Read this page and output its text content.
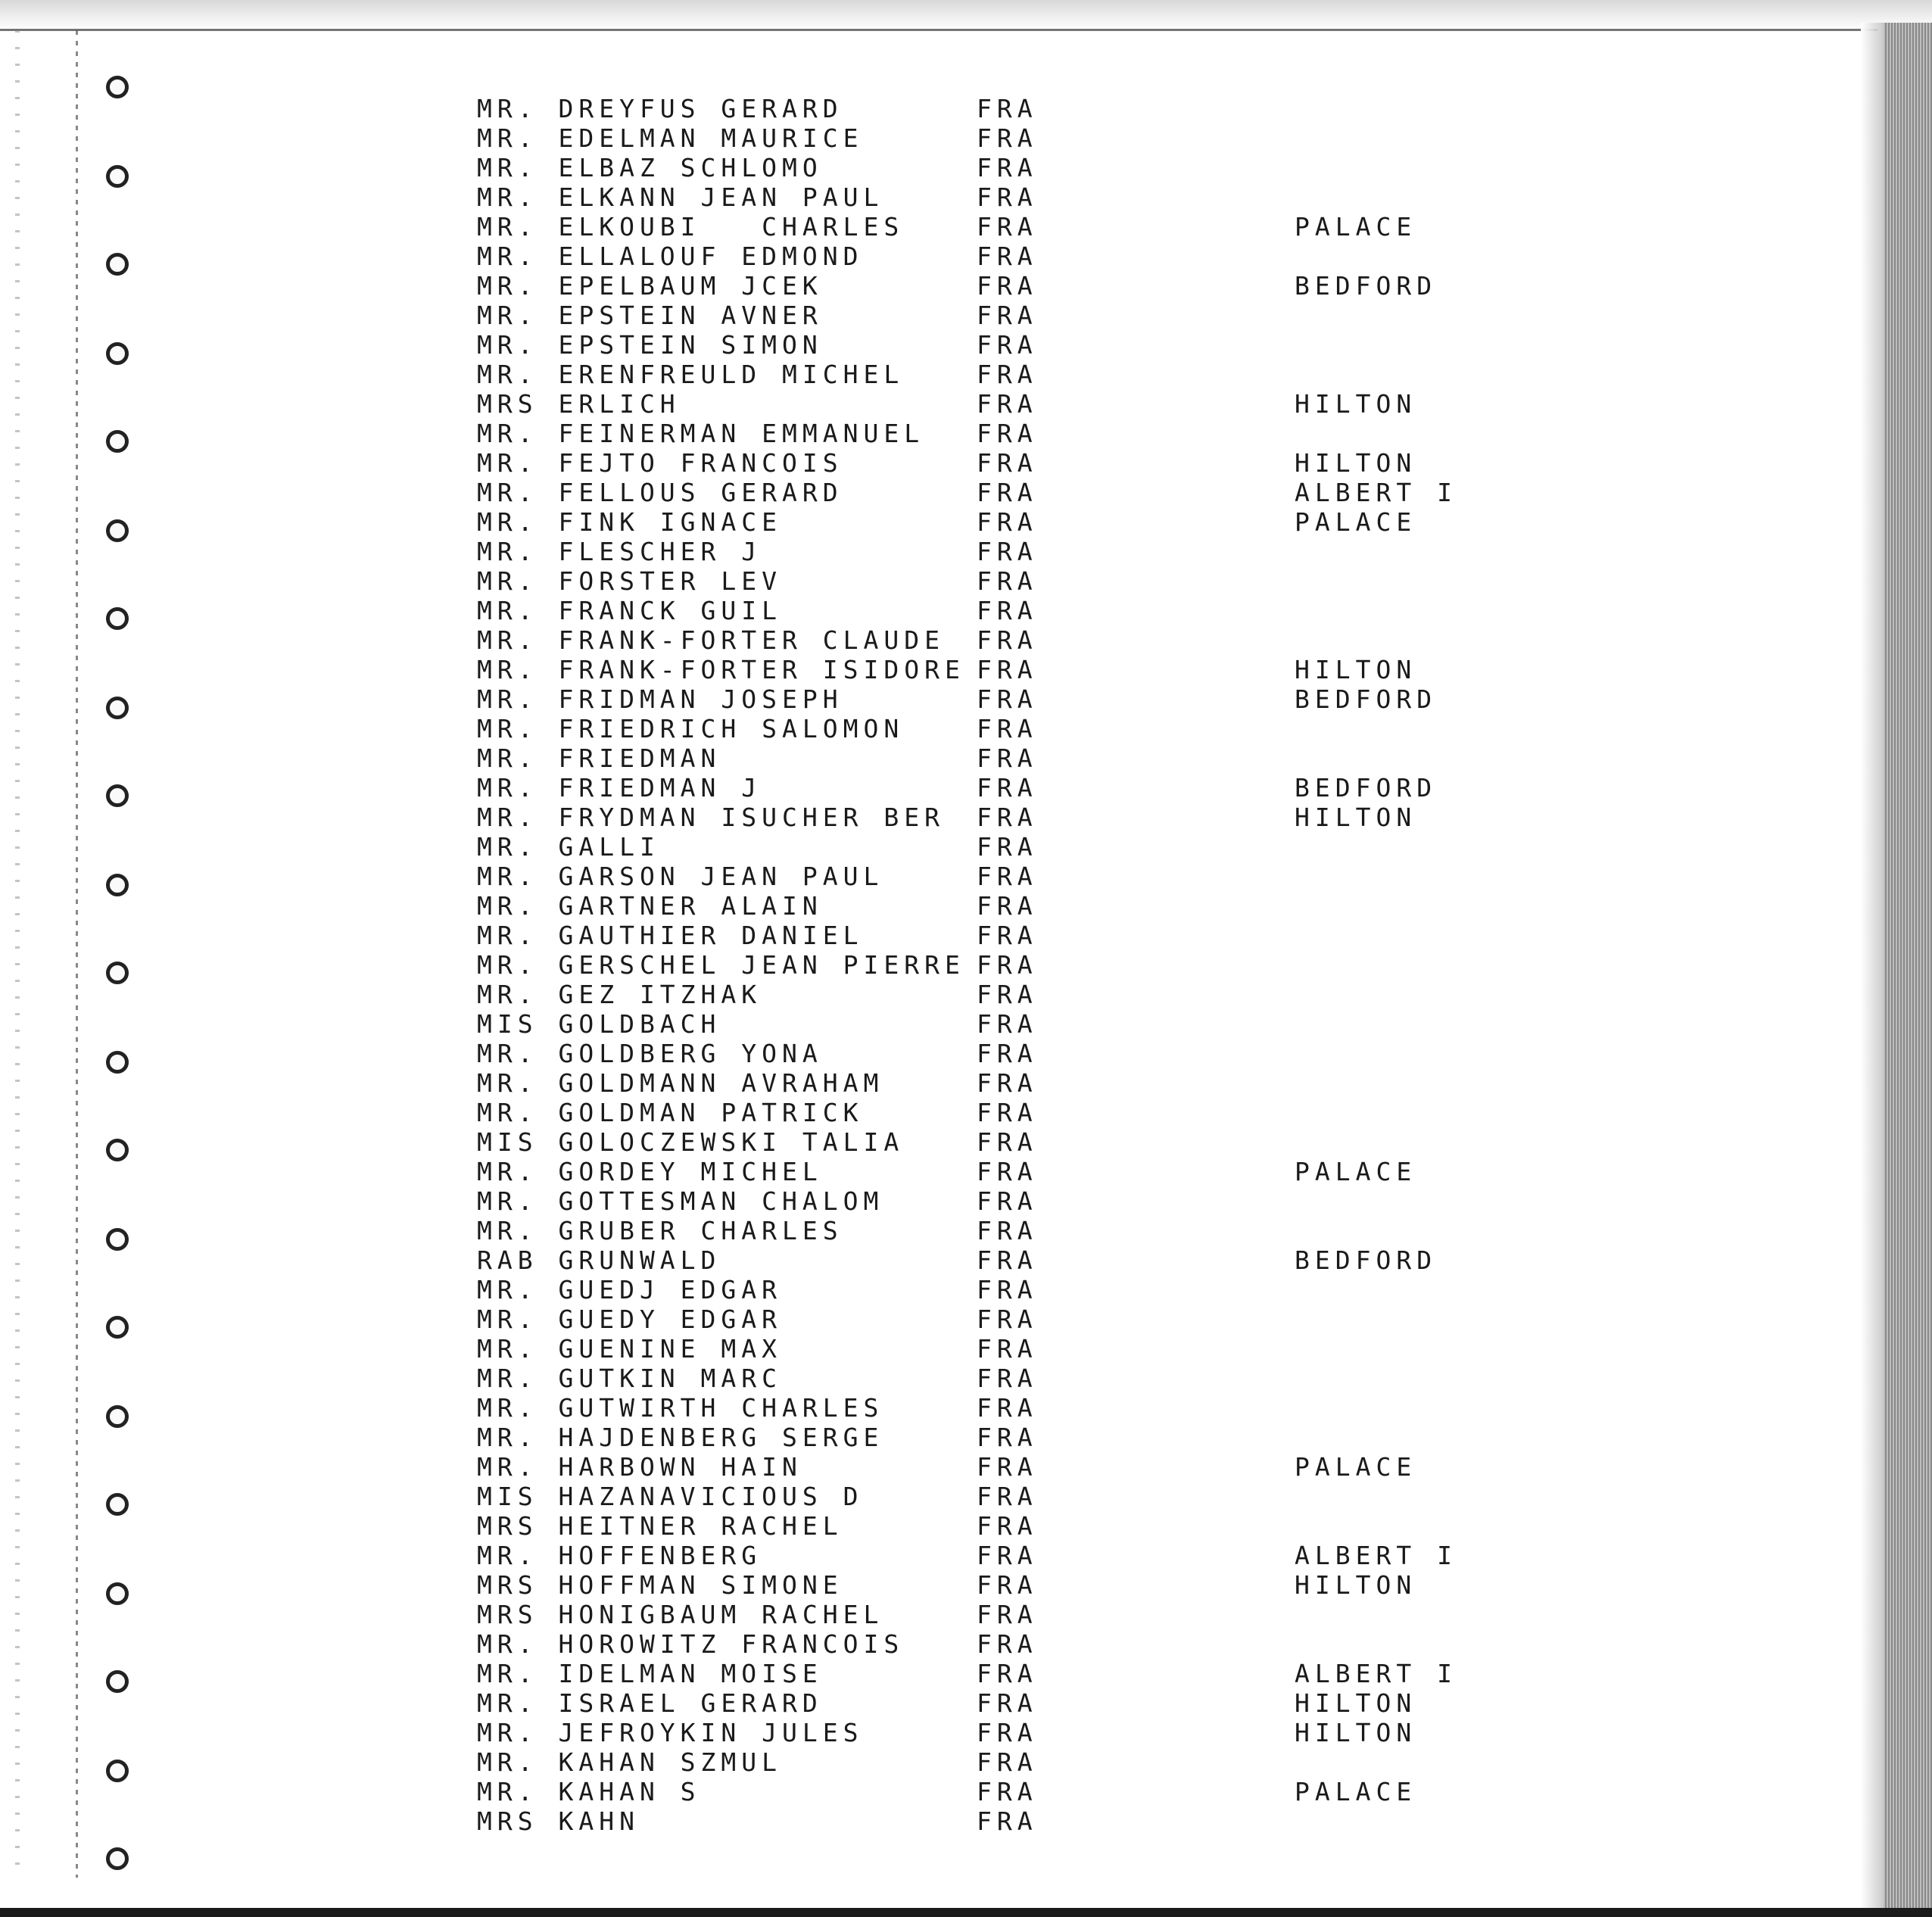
MR. DREYFUS GERARD	FRA
MR. EDELMAN MAURICE	FRA
MR. ELBAZ SCHLOMO	FRA
MR. ELKANN JEAN PAUL	FRA
MR. ELKOUBI   CHARLES	FRA	PALACE
MR. ELLALOUF EDMOND	FRA
MR. EPELBAUM JCEK	FRA	BEDFORD
MR. EPSTEIN AVNER	FRA
MR. EPSTEIN SIMON	FRA
MR. ERENFREULD MICHEL	FRA
MRS ERLICH	FRA	HILTON
MR. FEINERMAN EMMANUEL FRA
MR. FEJTO FRANCOIS	FRA	HILTON
MR. FELLOUS GERARD	FRA	ALBERT I
MR. FINK IGNACE	FRA	PALACE
MR. FLESCHER J	FRA
MR. FORSTER LEV	FRA
MR. FRANCK GUIL	FRA
MR. FRANK-FORTER CLAUDE FRA
MR. FRANK-FORTER ISIDORE FRA	HILTON
MR. FRIDMAN JOSEPH	FRA	BEDFORD
MR. FRIEDRICH SALOMON	FRA
MR. FRIEDMAN	FRA
MR. FRIEDMAN J	FRA	BEDFORD
MR. FRYDMAN ISUCHER BER FRA	HILTON
MR. GALLI	FRA
MR. GARSON JEAN PAUL	FRA
MR. GARTNER ALAIN	FRA
MR. GAUTHIER DANIEL	FRA
MR. GERSCHEL JEAN PIERRE FRA
MR. GEZ ITZHAK	FRA
MIS GOLDBACH	FRA
MR. GOLDBERG YONA	FRA
MR. GOLDMANN AVRAHAM	FRA
MR. GOLDMAN PATRICK	FRA
MIS GOLOCZEWSKI TALIA	FRA
MR. GORDEY MICHEL	FRA	PALACE
MR. GOTTESMAN CHALOM	FRA
MR. GRUBER CHARLES	FRA
RAB GRUNWALD	FRA	BEDFORD
MR. GUEDJ EDGAR	FRA
MR. GUEDY EDGAR	FRA
MR. GUENINE MAX	FRA
MR. GUTKIN MARC	FRA
MR. GUTWIRTH CHARLES	FRA
MR. HAJDENBERG SERGE	FRA
MR. HARBOWN HAIN	FRA	PALACE
MIS HAZANAVICIOUS D	FRA
MRS HEITNER RACHEL	FRA
MR. HOFFENBERG	FRA	ALBERT I
MRS HOFFMAN SIMONE	FRA	HILTON
MRS HONIGBAUM RACHEL	FRA
MR. HOROWITZ FRANCOIS	FRA
MR. IDELMAN MOISE	FRA	ALBERT I
MR. ISRAEL GERARD	FRA	HILTON
MR. JEFROYKIN JULES	FRA	HILTON
MR. KAHAN SZMUL	FRA
MR. KAHAN S	FRA	PALACE
MRS KAHN	FRA
